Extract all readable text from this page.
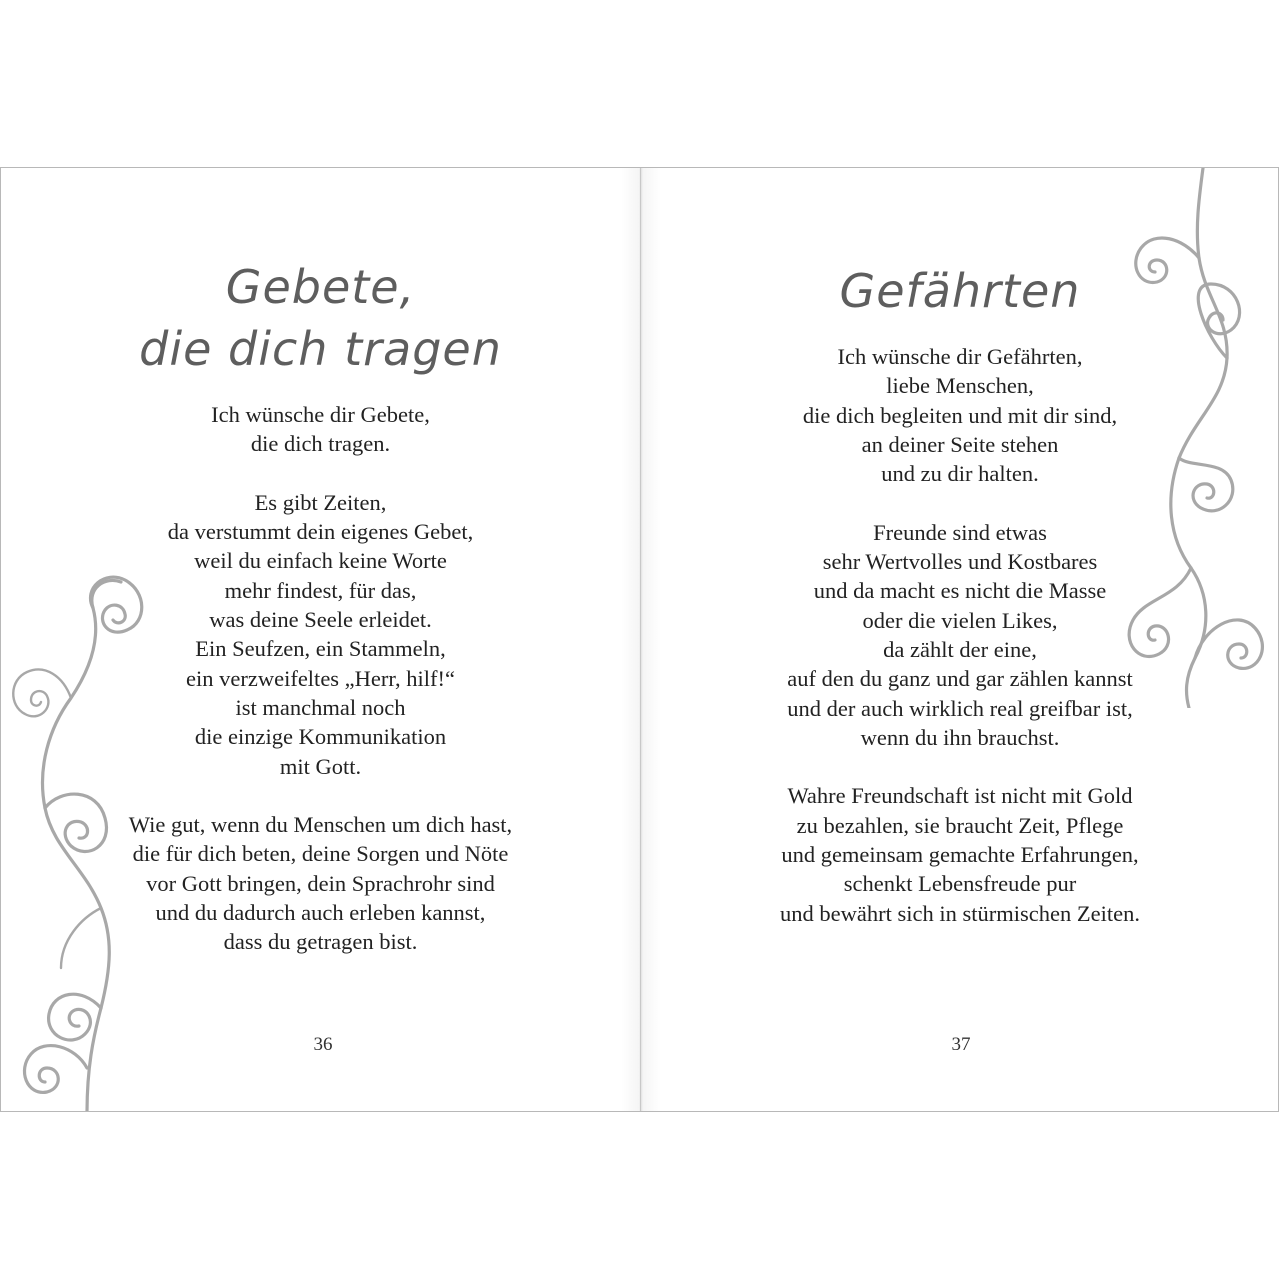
Gebete,
die dich tragen

Ich wünsche dir Gebete,
die dich tragen.

Es gibt Zeiten,
da verstummt dein eigenes Gebet,
weil du einfach keine Worte
mehr findest, für das,
was deine Seele erleidet.
Ein Seufzen, ein Stammeln,
ein verzweifeltes „Herr, hilf!“
ist manchmal noch
die einzige Kommunikation
mit Gott.

Wie gut, wenn du Menschen um dich hast,
die für dich beten, deine Sorgen und Nöte
vor Gott bringen, dein Sprachrohr sind
und du dadurch auch erleben kannst,
dass du getragen bist.

36
Gefährten

Ich wünsche dir Gefährten,
liebe Menschen,
die dich begleiten und mit dir sind,
an deiner Seite stehen
und zu dir halten.

Freunde sind etwas
sehr Wertvolles und Kostbares
und da macht es nicht die Masse
oder die vielen Likes,
da zählt der eine,
auf den du ganz und gar zählen kannst
und der auch wirklich real greifbar ist,
wenn du ihn brauchst.

Wahre Freundschaft ist nicht mit Gold
zu bezahlen, sie braucht Zeit, Pflege
und gemeinsam gemachte Erfahrungen,
schenkt Lebensfreude pur
und bewährt sich in stürmischen Zeiten.

37
